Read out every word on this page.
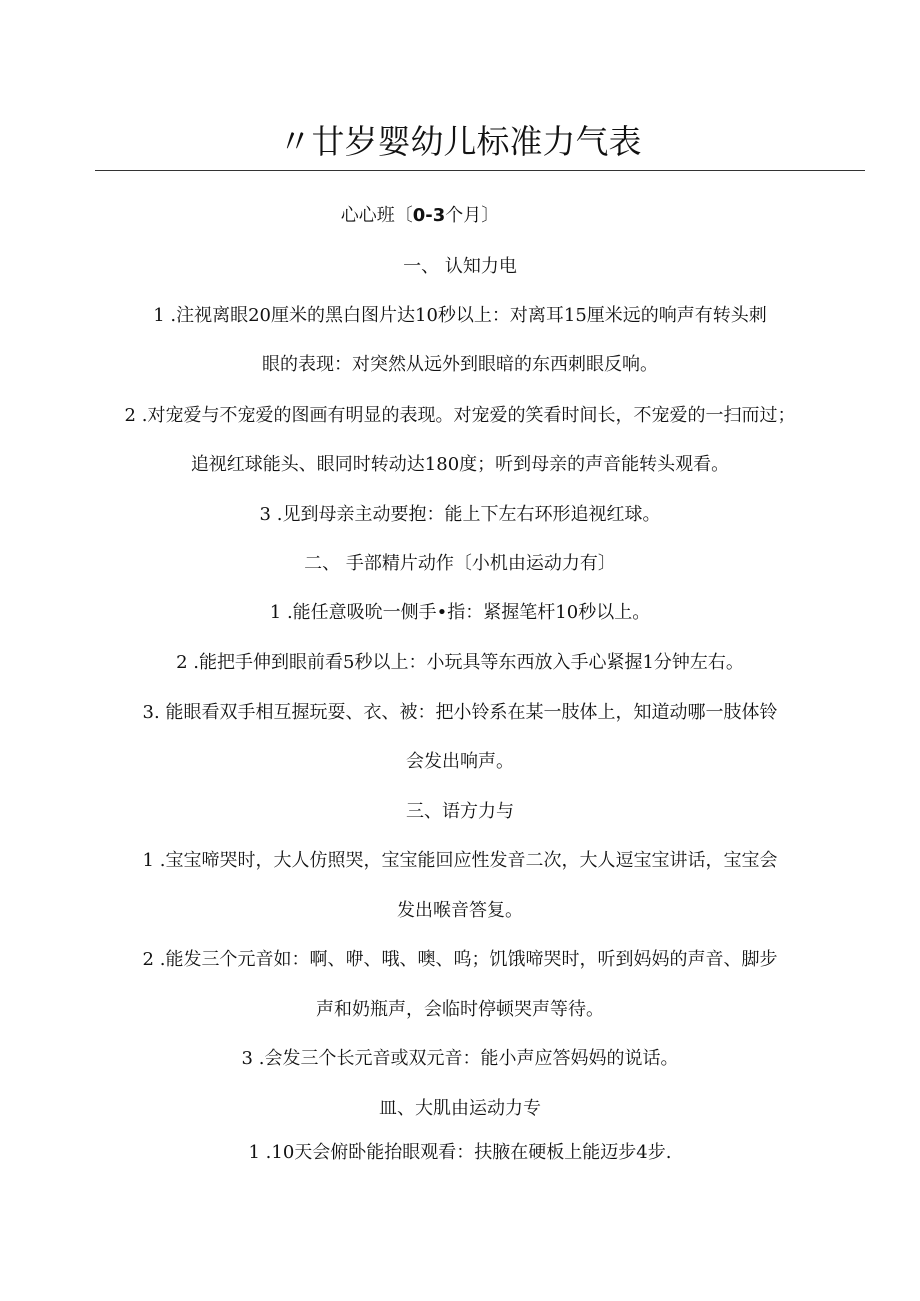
〃廿岁婴幼儿标准力气表
心心班〔0-3个月〕
一、 认知力电
1 .注视离眼20厘米的黑白图片达10秒以上：对离耳15厘米远的响声有转头刺
眼的表现：对突然从远外到眼暗的东西刺眼反响。
2 .对宠爱与不宠爱的图画有明显的表现。对宠爱的笑看时间长，不宠爱的一扫而过；
追视红球能头、眼同时转动达180度；听到母亲的声音能转头观看。
3 .见到母亲主动要抱：能上下左右环形追视红球。
二、 手部精片动作〔小机由运动力有〕
1 .能任意吸吮一侧手•指：紧握笔杆10秒以上。
2 .能把手伸到眼前看5秒以上：小玩具等东西放入手心紧握1分钟左右。
3. 能眼看双手相互握玩耍、衣、被：把小铃系在某一肢体上，知道动哪一肢体铃
会发出响声。
三、语方力与
1 .宝宝啼哭时，大人仿照哭，宝宝能回应性发音二次，大人逗宝宝讲话，宝宝会
发出喉音答复。
2 .能发三个元音如：啊、咿、哦、噢、呜；饥饿啼哭时，听到妈妈的声音、脚步
声和奶瓶声，会临时停顿哭声等待。
3 .会发三个长元音或双元音：能小声应答妈妈的说话。
皿、大肌由运动力专
1 .10天会俯卧能抬眼观看：扶腋在硬板上能迈步4步.
